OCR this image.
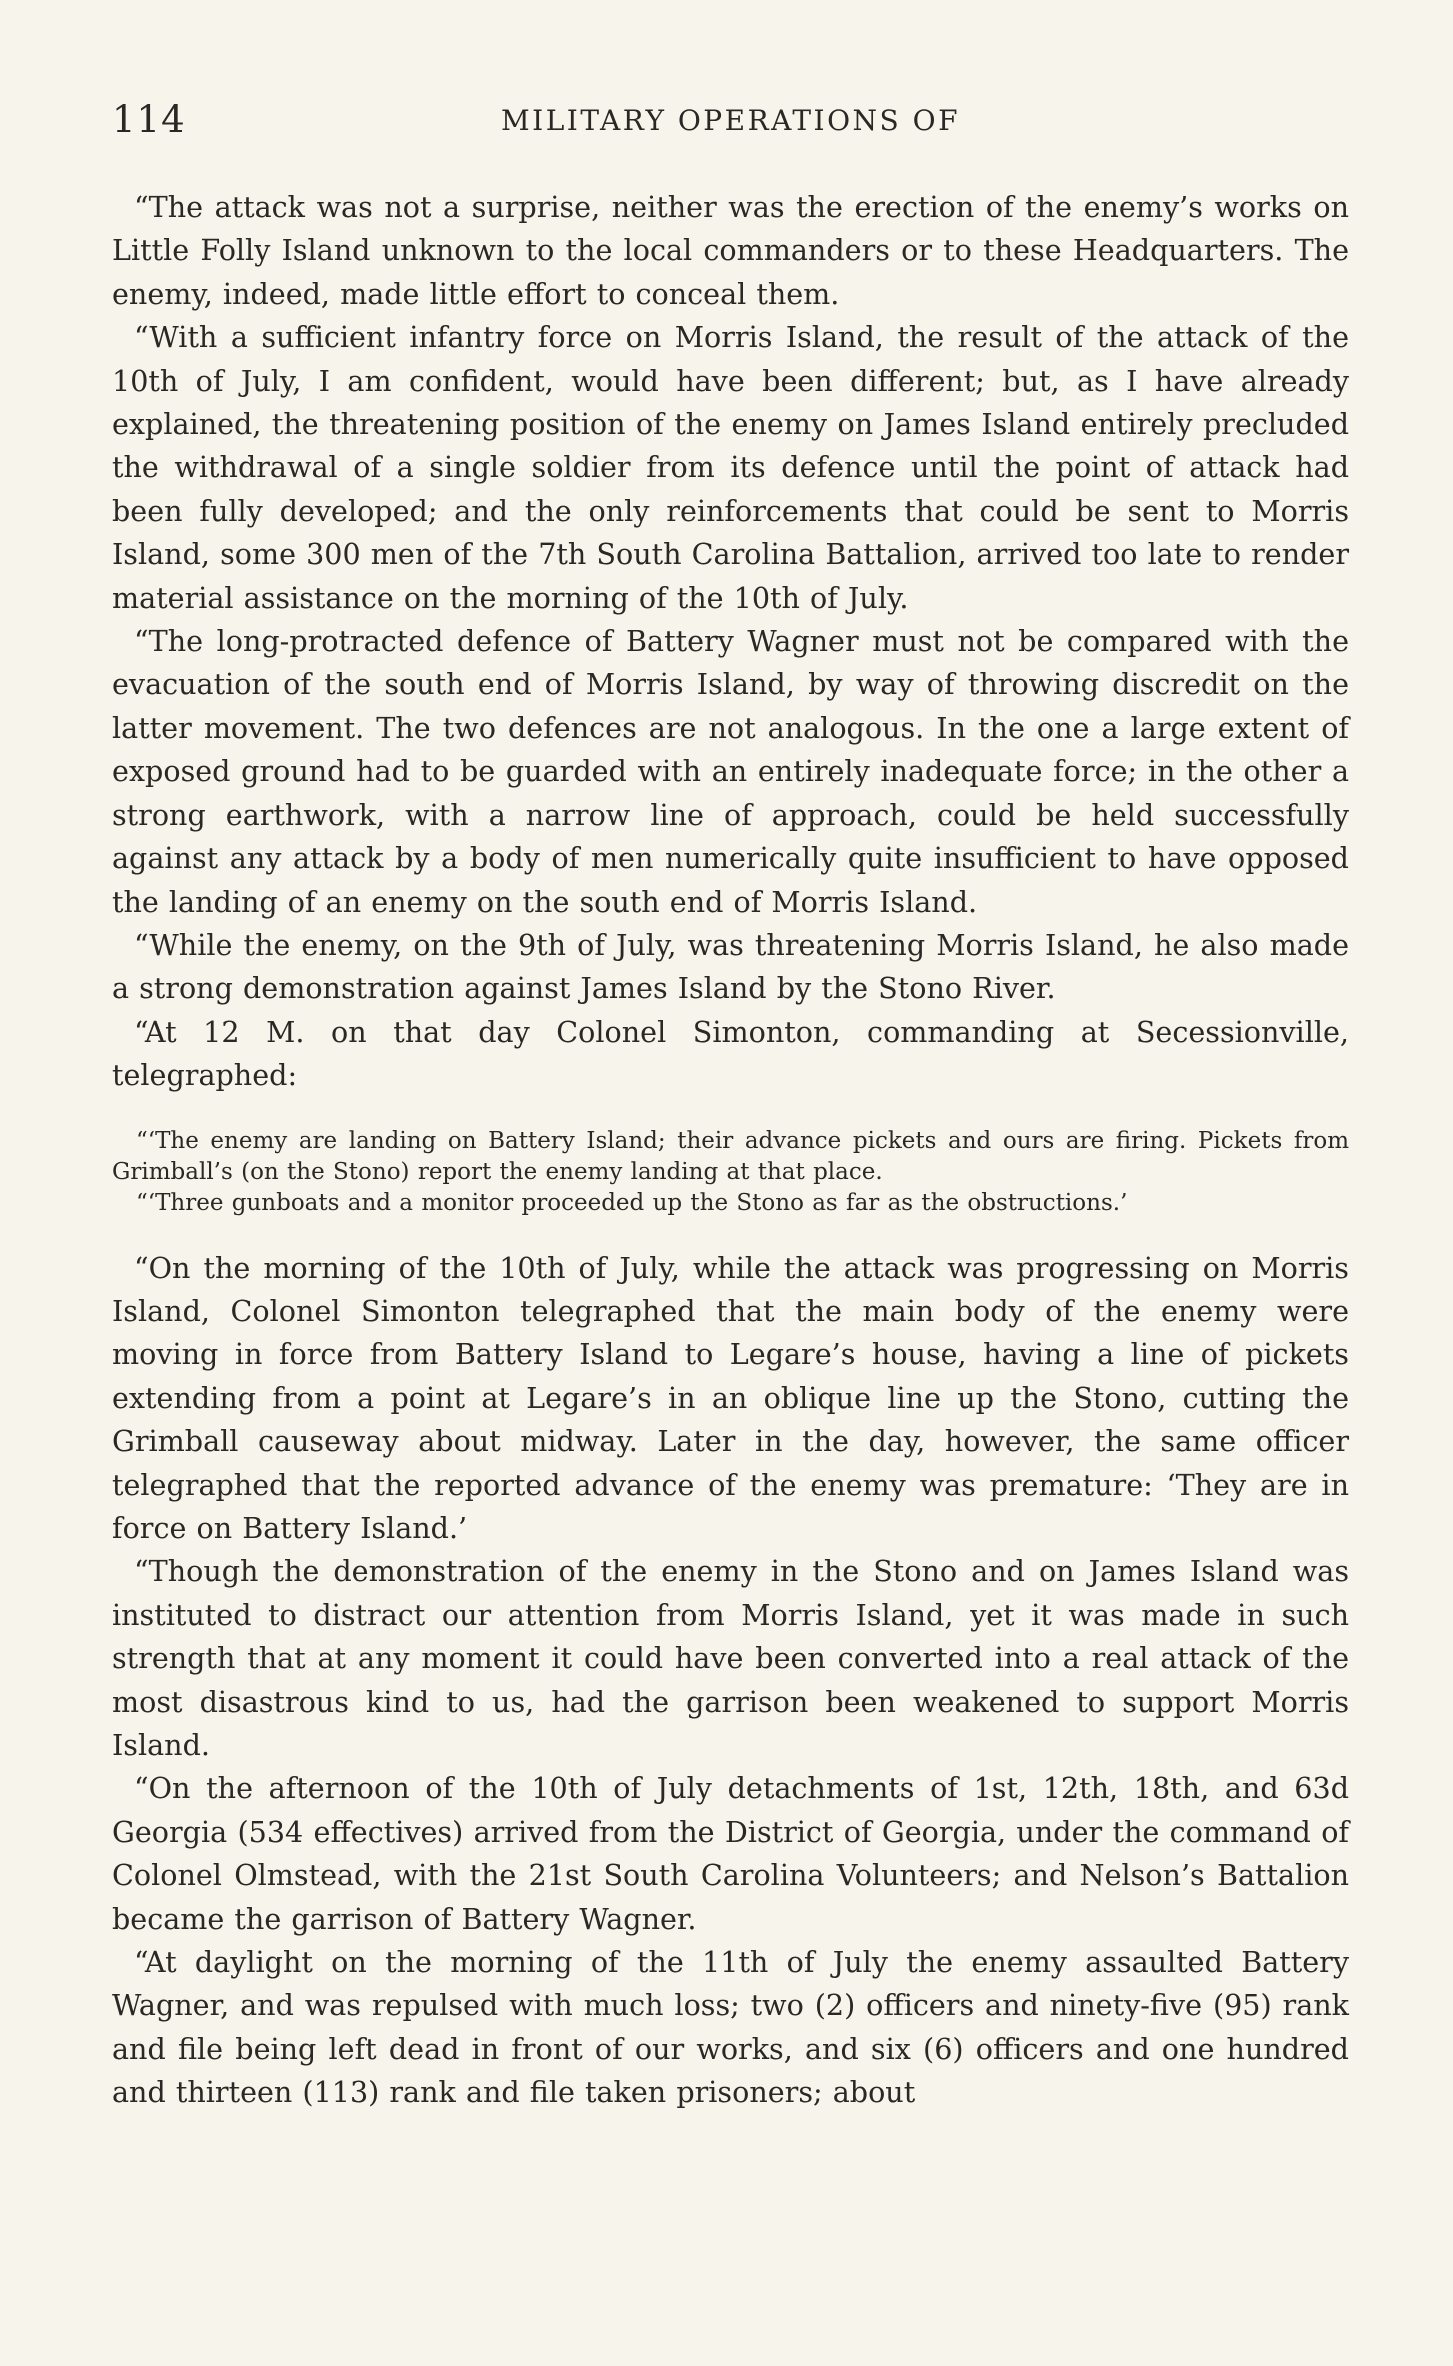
114	MILITARY OPERATIONS OF

“The attack was not a surprise, neither was the erection of the enemy’s works on Little Folly Island unknown to the local commanders or to these Headquarters. The enemy, indeed, made little effort to conceal them.

“With a sufficient infantry force on Morris Island, the result of the attack of the 10th of July, I am confident, would have been different; but, as I have already explained, the threatening position of the enemy on James Island entirely precluded the withdrawal of a single soldier from its defence until the point of attack had been fully developed; and the only reinforcements that could be sent to Morris Island, some 300 men of the 7th South Carolina Battalion, arrived too late to render material assistance on the morning of the 10th of July.

“The long-protracted defence of Battery Wagner must not be compared with the evacuation of the south end of Morris Island, by way of throwing discredit on the latter movement. The two defences are not analogous. In the one a large extent of exposed ground had to be guarded with an entirely inadequate force; in the other a strong earthwork, with a narrow line of approach, could be held successfully against any attack by a body of men numerically quite insufficient to have opposed the landing of an enemy on the south end of Morris Island.

“While the enemy, on the 9th of July, was threatening Morris Island, he also made a strong demonstration against James Island by the Stono River.

“At 12 M. on that day Colonel Simonton, commanding at Secessionville, telegraphed:

“‘The enemy are landing on Battery Island; their advance pickets and ours are firing. Pickets from Grimball’s (on the Stono) report the enemy landing at that place.

“‘Three gunboats and a monitor proceeded up the Stono as far as the obstructions.’

“On the morning of the 10th of July, while the attack was progressing on Morris Island, Colonel Simonton telegraphed that the main body of the enemy were moving in force from Battery Island to Legare’s house, having a line of pickets extending from a point at Legare’s in an oblique line up the Stono, cutting the Grimball causeway about midway. Later in the day, however, the same officer telegraphed that the reported advance of the enemy was premature: ‘They are in force on Battery Island.’

“Though the demonstration of the enemy in the Stono and on James Island was instituted to distract our attention from Morris Island, yet it was made in such strength that at any moment it could have been converted into a real attack of the most disastrous kind to us, had the garrison been weakened to support Morris Island.

“On the afternoon of the 10th of July detachments of 1st, 12th, 18th, and 63d Georgia (534 effectives) arrived from the District of Georgia, under the command of Colonel Olmstead, with the 21st South Carolina Volunteers; and Nelson’s Battalion became the garrison of Battery Wagner.

“At daylight on the morning of the 11th of July the enemy assaulted Battery Wagner, and was repulsed with much loss; two (2) officers and ninety-five (95) rank and file being left dead in front of our works, and six (6) officers and one hundred and thirteen (113) rank and file taken prisoners; about
